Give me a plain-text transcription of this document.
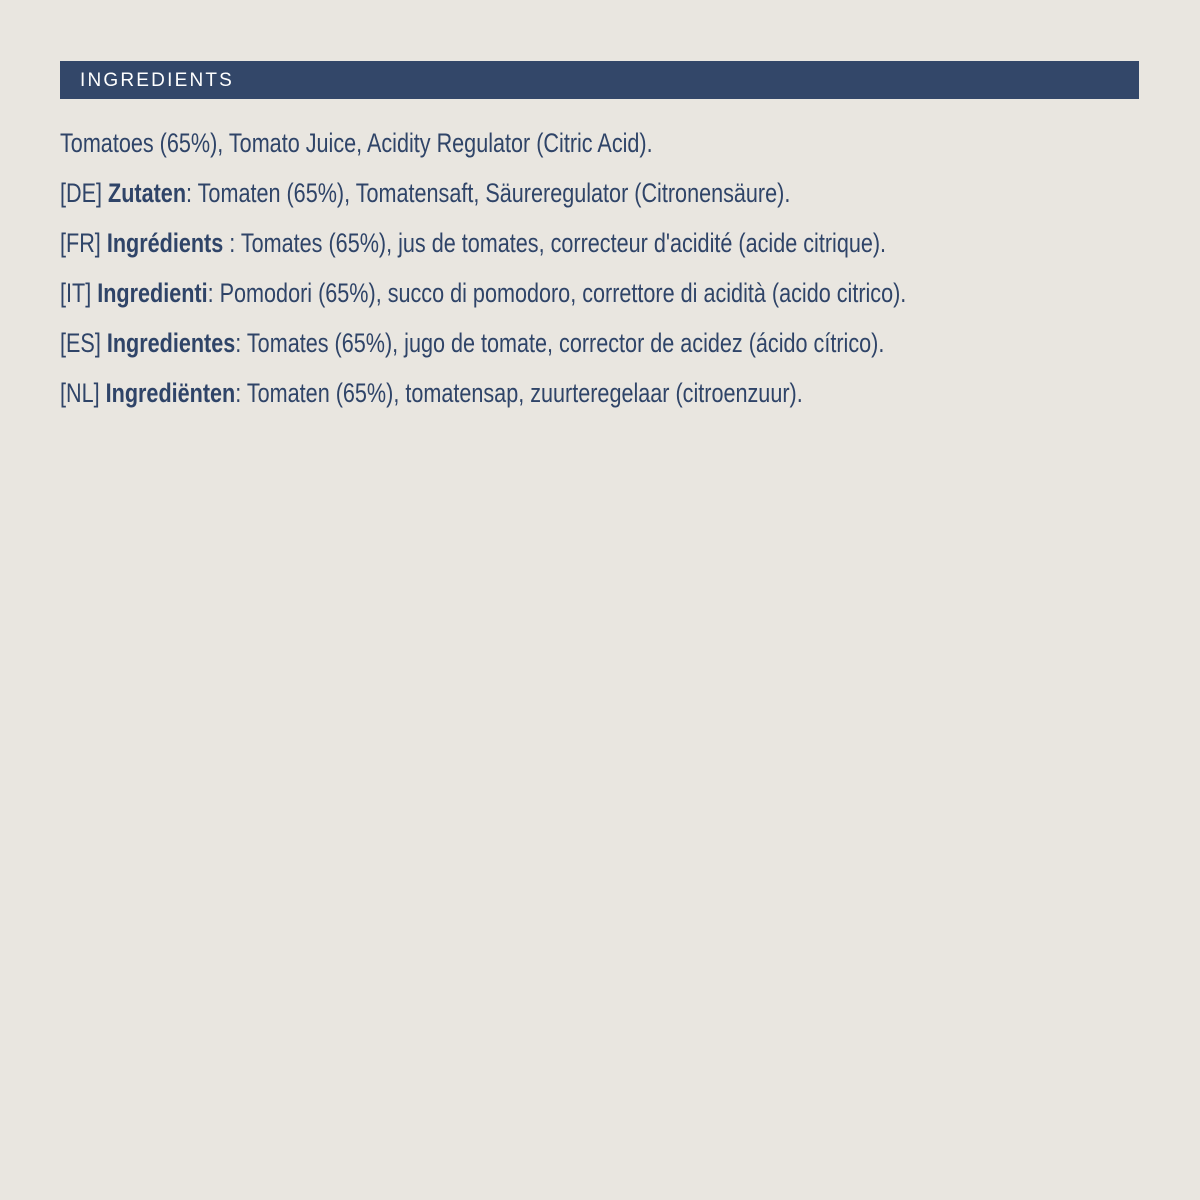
INGREDIENTS
Tomatoes (65%), Tomato Juice, Acidity Regulator (Citric Acid).
[DE] Zutaten: Tomaten (65%), Tomatensaft, Säureregulator (Citronensäure).
[FR] Ingrédients : Tomates (65%), jus de tomates, correcteur d'acidité (acide citrique).
[IT] Ingredienti: Pomodori (65%), succo di pomodoro, correttore di acidità (acido citrico).
[ES] Ingredientes: Tomates (65%), jugo de tomate, corrector de acidez (ácido cítrico).
[NL] Ingrediënten: Tomaten (65%), tomatensap, zuurteregelaar (citroenzuur).
